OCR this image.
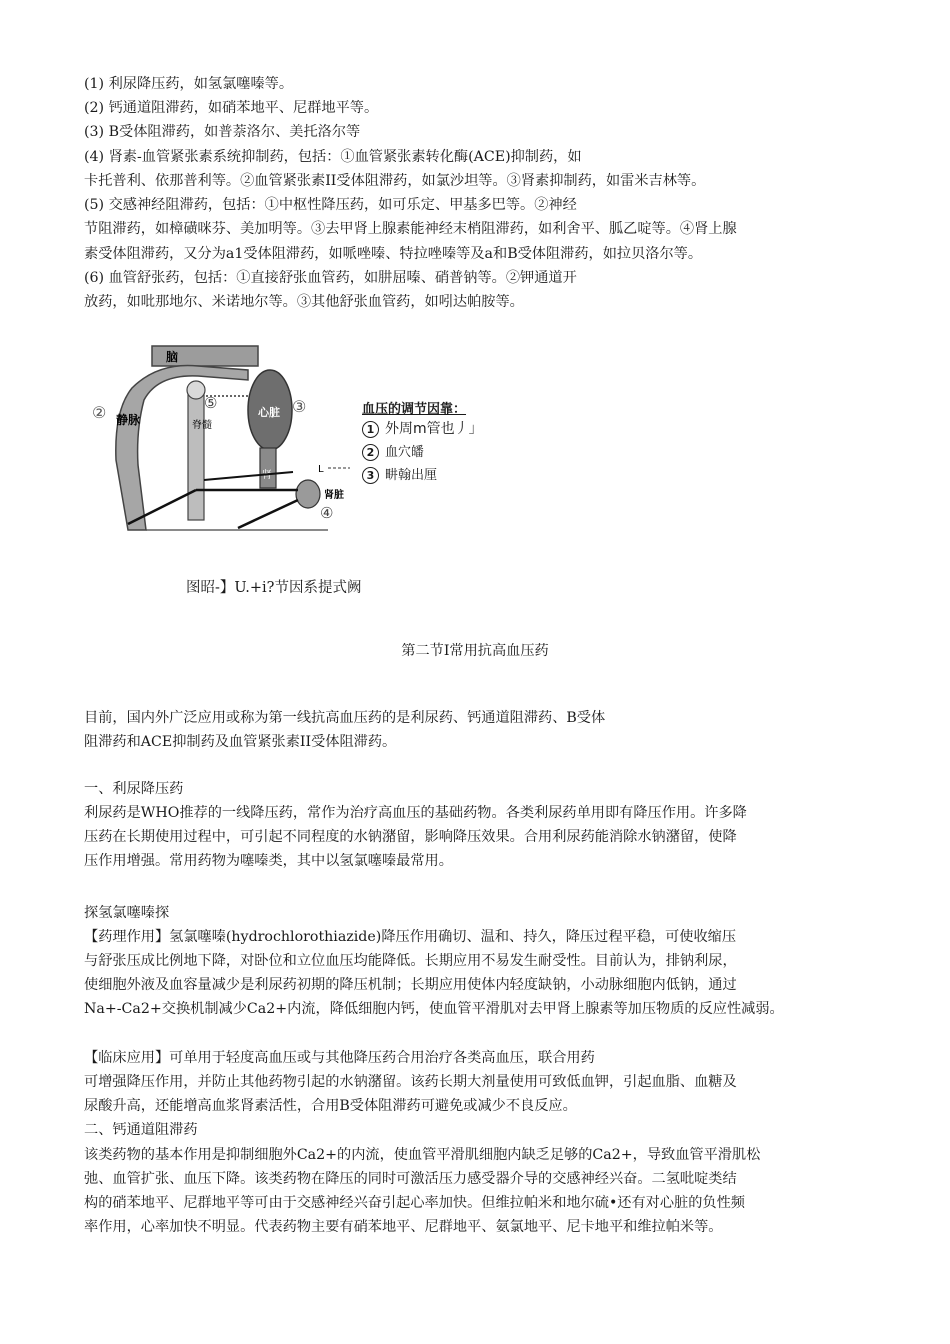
(1) 利尿降压药，如氢氯噻嗪等。
(2) 钙通道阻滞药，如硝苯地平、尼群地平等。
(3) B受体阻滞药，如普萘洛尔、美托洛尔等
(4) 肾素-血管紧张素系统抑制药，包括：①血管紧张素转化酶(ACE)抑制药，如
卡托普利、依那普利等。②血管紧张素II受体阻滞药，如氯沙坦等。③肾素抑制药，如雷米吉林等。
(5) 交感神经阻滞药，包括：①中枢性降压药，如可乐定、甲基多巴等。②神经
节阻滞药，如樟磺咪芬、美加明等。③去甲肾上腺素能神经末梢阻滞药，如利舍平、胍乙啶等。④肾上腺
素受体阻滞药，又分为a1受体阻滞药，如哌唑嗪、特拉唑嗪等及a和B受体阻滞药，如拉贝洛尔等。
(6) 血管舒张药，包括：①直接舒张血管药，如肼屈嗪、硝普钠等。②钾通道开
放药，如吡那地尔、米诺地尔等。③其他舒张血管药，如吲达帕胺等。
脑
静脉
②	心脏 ③
肾
⑤
脊髓
肾脏
④
L
血压的调节因靠：
1 外周m管也丿」
2 血穴皤
3 畊翰出厘
图昭-】U.+i?节因系提式阙
第二节I常用抗高血压药
目前，国内外广泛应用或称为第一线抗高血压药的是利尿药、钙通道阻滞药、B受体
阻滞药和ACE抑制药及血管紧张素II受体阻滞药。
一、利尿降压药
利尿药是WHO推荐的一线降压药，常作为治疗高血压的基础药物。各类利尿药单用即有降压作用。许多降
压药在长期使用过程中，可引起不同程度的水钠潴留，影响降压效果。合用利尿药能消除水钠潴留，使降
压作用增强。常用药物为噻嗪类，其中以氢氯噻嗪最常用。
探氢氯噻嗪探
【药理作用】氢氯噻嗪(hydrochlorothiazide)降压作用确切、温和、持久，降压过程平稳，可使收缩压
与舒张压成比例地下降，对卧位和立位血压均能降低。长期应用不易发生耐受性。目前认为，排钠利尿，
使细胞外液及血容量减少是利尿药初期的降压机制；长期应用使体内轻度缺钠，小动脉细胞内低钠，通过
Na+-Ca2+交换机制减少Ca2+内流，降低细胞内钙，使血管平滑肌对去甲肾上腺素等加压物质的反应性减弱。
【临床应用】可单用于轻度高血压或与其他降压药合用治疗各类高血压，联合用药
可增强降压作用，并防止其他药物引起的水钠潴留。该药长期大剂量使用可致低血钾，引起血脂、血糖及
尿酸升高，还能增高血浆肾素活性，合用B受体阻滞药可避免或减少不良反应。
二、钙通道阻滞药
该类药物的基本作用是抑制细胞外Ca2+的内流，使血管平滑肌细胞内缺乏足够的Ca2+，导致血管平滑肌松
弛、血管扩张、血压下降。该类药物在降压的同时可激活压力感受器介导的交感神经兴奋。二氢吡啶类结
构的硝苯地平、尼群地平等可由于交感神经兴奋引起心率加快。但维拉帕米和地尔硫•还有对心脏的负性频
率作用，心率加快不明显。代表药物主要有硝苯地平、尼群地平、氨氯地平、尼卡地平和维拉帕米等。
